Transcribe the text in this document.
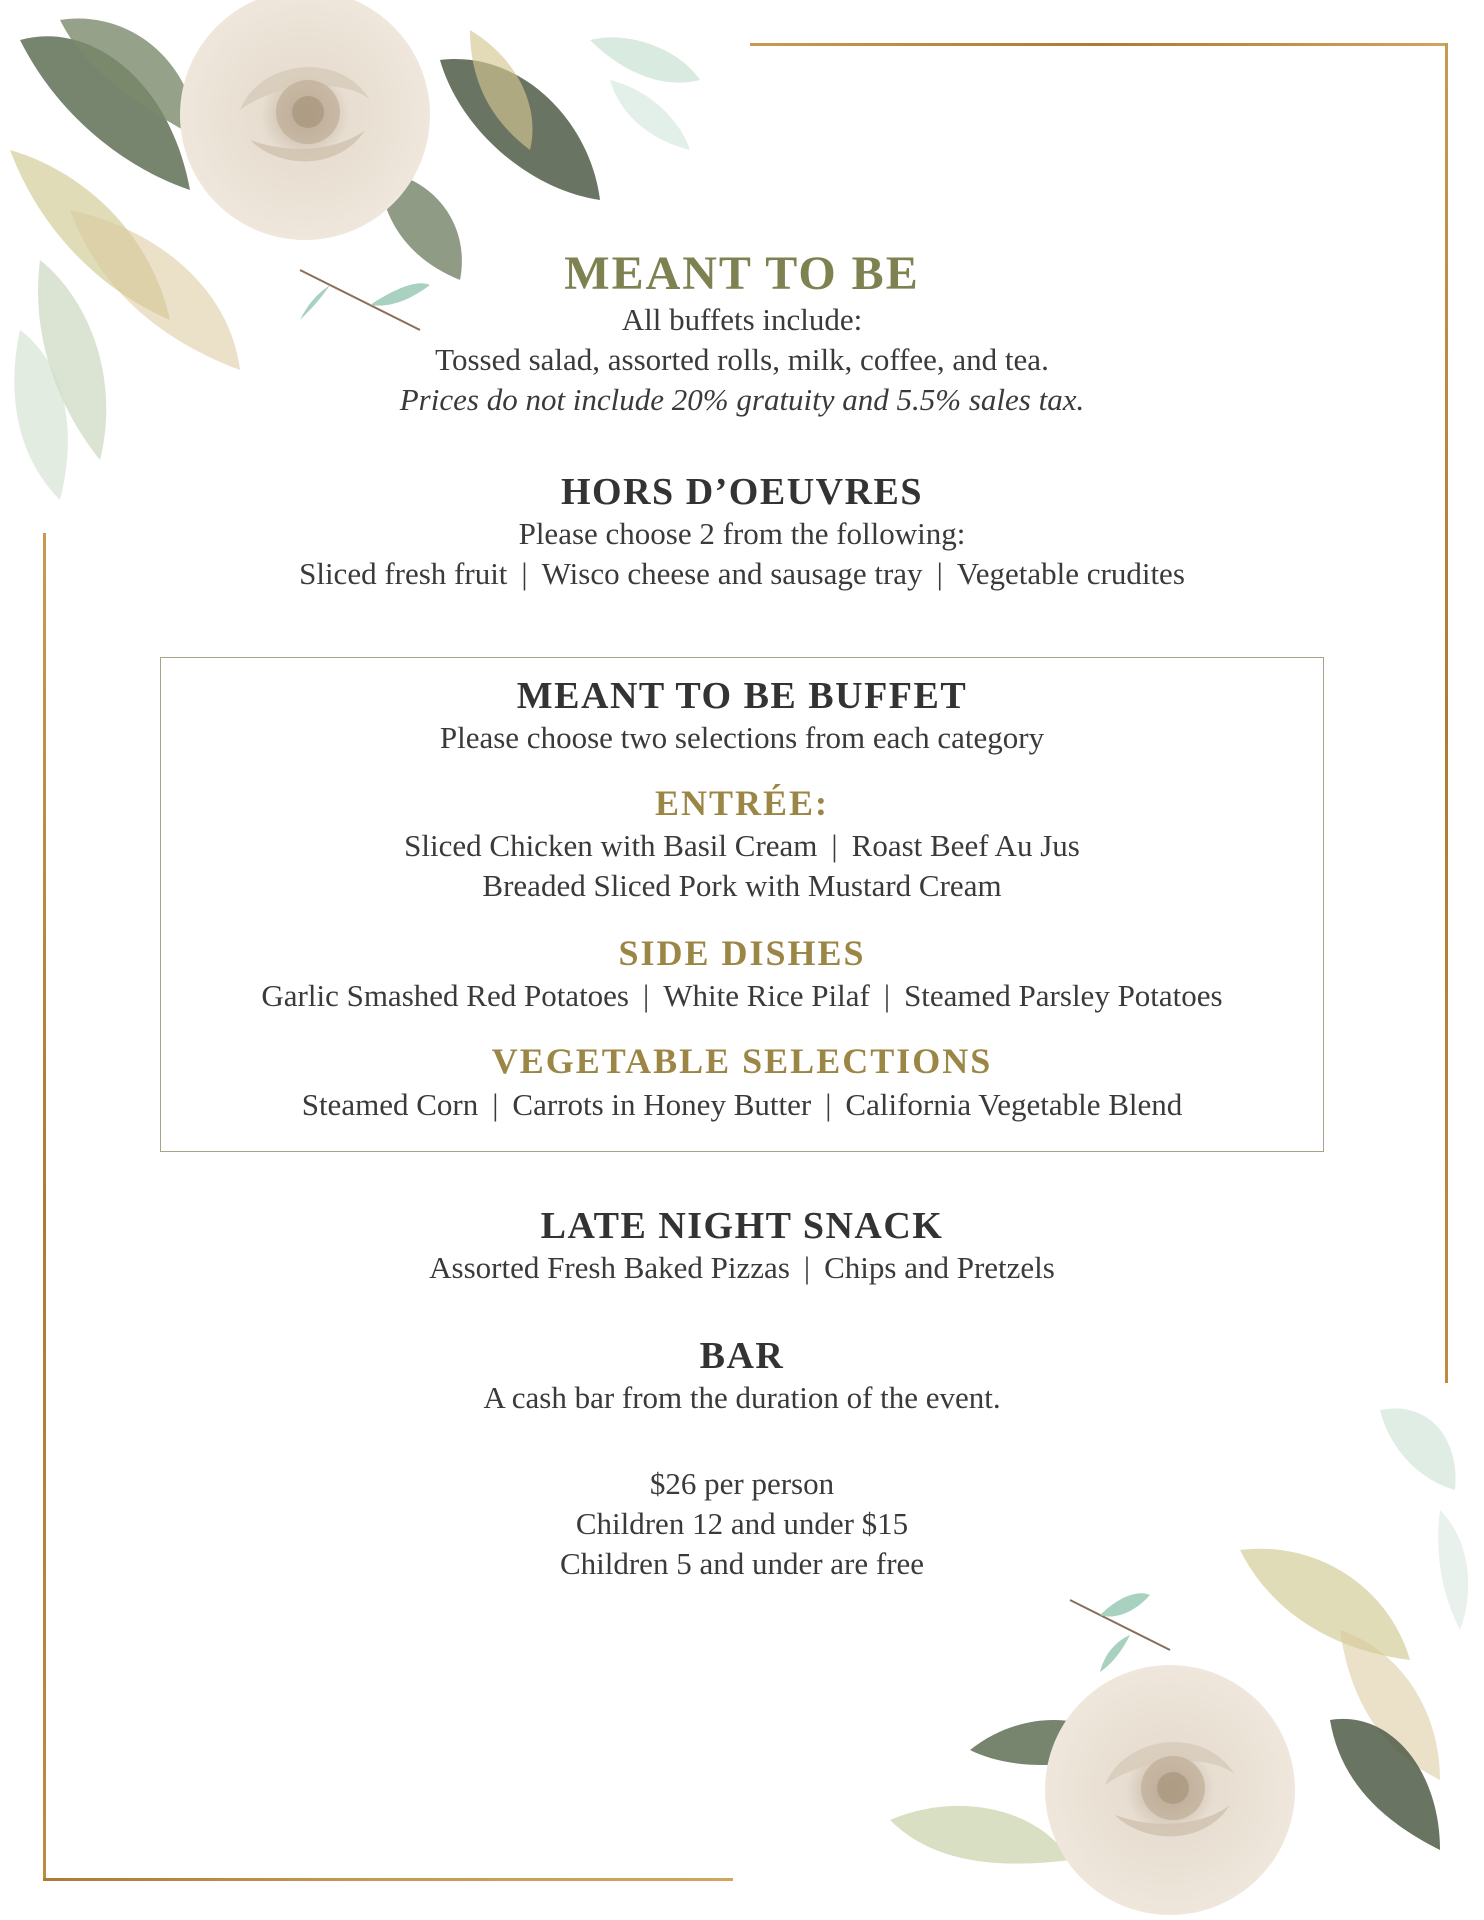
MEANT TO BE
All buffets include:
Tossed salad, assorted rolls, milk, coffee, and tea.
Prices do not include 20% gratuity and 5.5% sales tax.
HORS D’OEUVRES
Please choose 2 from the following:
Sliced fresh fruit | Wisco cheese and sausage tray | Vegetable crudites
MEANT TO BE BUFFET
Please choose two selections from each category
ENTRÉE:
Sliced Chicken with Basil Cream | Roast Beef Au Jus
Breaded Sliced Pork with Mustard Cream
SIDE DISHES
Garlic Smashed Red Potatoes | White Rice Pilaf | Steamed Parsley Potatoes
VEGETABLE SELECTIONS
Steamed Corn | Carrots in Honey Butter | California Vegetable Blend
LATE NIGHT SNACK
Assorted Fresh Baked Pizzas | Chips and Pretzels
BAR
A cash bar from the duration of the event.
$26 per person
Children 12 and under $15
Children 5 and under are free
